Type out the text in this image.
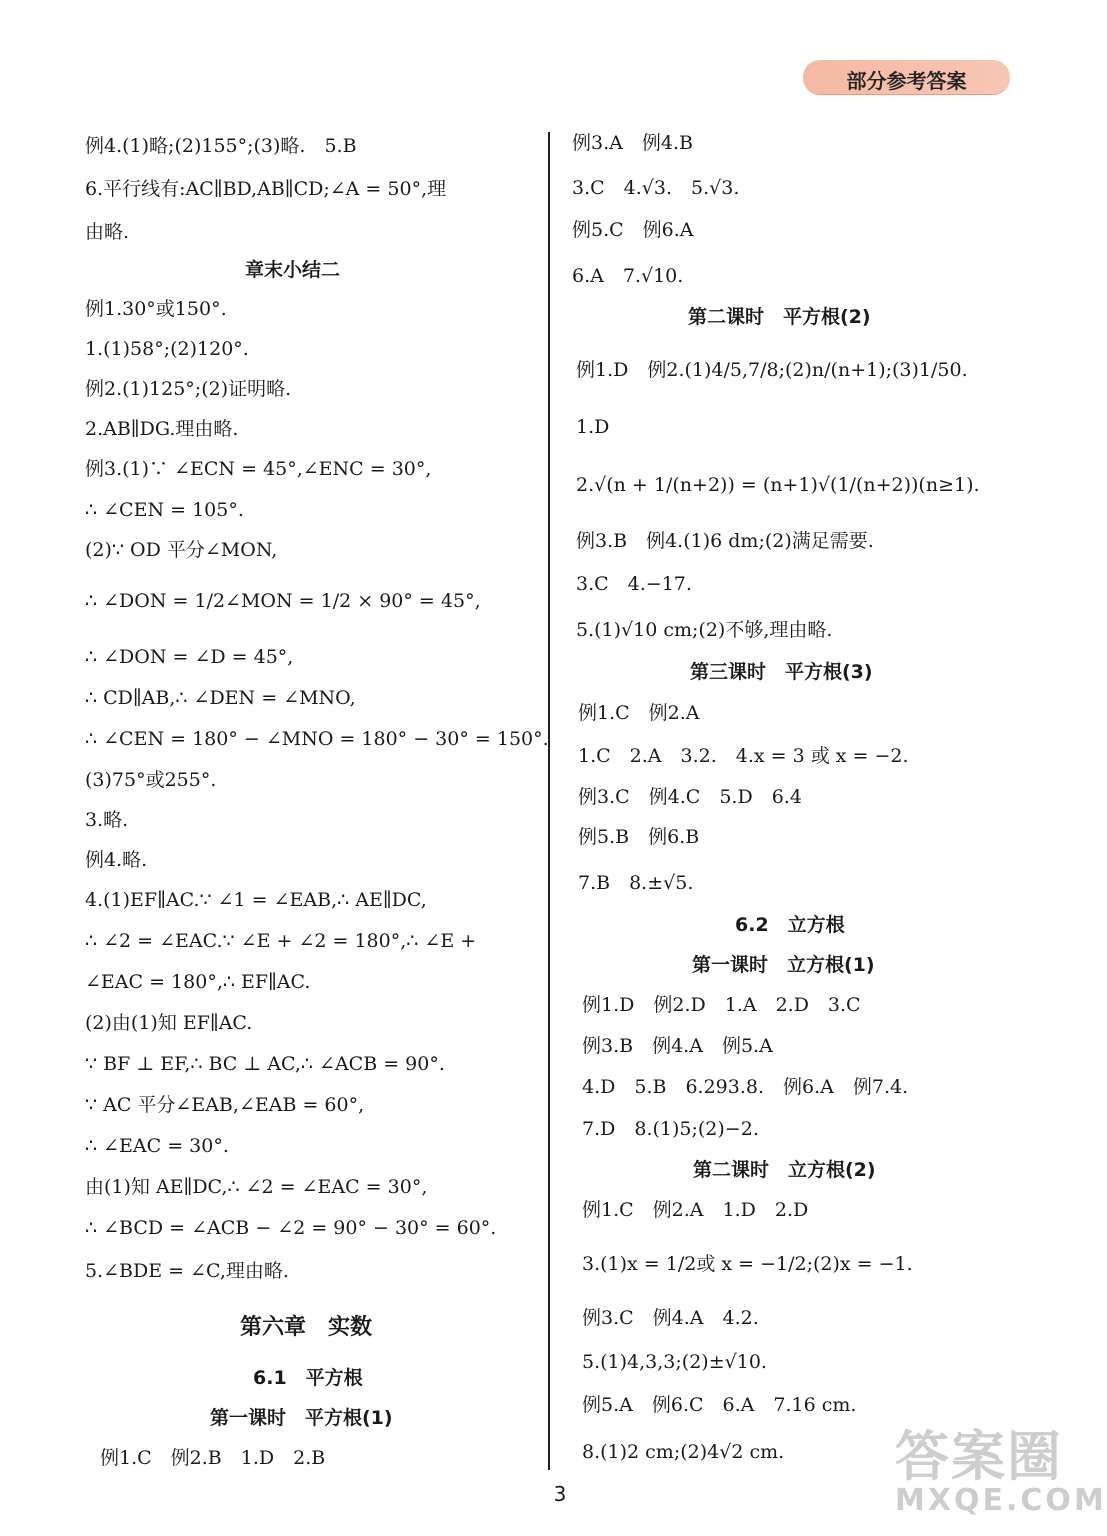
部分参考答案
例4.(1)略;(2)155°;(3)略.　5.B
6.平行线有:AC∥BD,AB∥CD;∠A = 50°,理
由略.
章末小结二
例1.30°或150°.
1.(1)58°;(2)120°.
例2.(1)125°;(2)证明略.
2.AB∥DG.理由略.
例3.(1)∵ ∠ECN = 45°,∠ENC = 30°,
∴ ∠CEN = 105°.
(2)∵ OD 平分∠MON,
∴ ∠DON = 1/2∠MON = 1/2 × 90° = 45°,
∴ ∠DON = ∠D = 45°,
∴ CD∥AB,∴ ∠DEN = ∠MNO,
∴ ∠CEN = 180° − ∠MNO = 180° − 30° = 150°.
(3)75°或255°.
3.略.
例4.略.
4.(1)EF∥AC.∵ ∠1 = ∠EAB,∴ AE∥DC,
∴ ∠2 = ∠EAC.∵ ∠E + ∠2 = 180°,∴ ∠E +
∠EAC = 180°,∴ EF∥AC.
(2)由(1)知 EF∥AC.
∵ BF ⊥ EF,∴ BC ⊥ AC,∴ ∠ACB = 90°.
∵ AC 平分∠EAB,∠EAB = 60°,
∴ ∠EAC = 30°.
由(1)知 AE∥DC,∴ ∠2 = ∠EAC = 30°,
∴ ∠BCD = ∠ACB − ∠2 = 90° − 30° = 60°.
5.∠BDE = ∠C,理由略.
第六章　实数
6.1　平方根
第一课时　平方根(1)
例1.C　例2.B　1.D　2.B
例3.A　例4.B
3.C　4.√3.　5.√3.
例5.C　例6.A
6.A　7.√10.
第二课时　平方根(2)
例1.D　例2.(1)4/5,7/8;(2)n/(n+1);(3)1/50.
1.D
2.√(n + 1/(n+2)) = (n+1)√(1/(n+2))(n≥1).
例3.B　例4.(1)6 dm;(2)满足需要.
3.C　4.−17.
5.(1)√10 cm;(2)不够,理由略.
第三课时　平方根(3)
例1.C　例2.A
1.C　2.A　3.2.　4.x = 3 或 x = −2.
例3.C　例4.C　5.D　6.4
例5.B　例6.B
7.B　8.±√5.
6.2　立方根
第一课时　立方根(1)
例1.D　例2.D　1.A　2.D　3.C
例3.B　例4.A　例5.A
4.D　5.B　6.293.8.　例6.A　例7.4.
7.D　8.(1)5;(2)−2.
第二课时　立方根(2)
例1.C　例2.A　1.D　2.D
3.(1)x = 1/2或 x = −1/2;(2)x = −1.
例3.C　例4.A　4.2.
5.(1)4,3,3;(2)±√10.
例5.A　例6.C　6.A　7.16 cm.
8.(1)2 cm;(2)4√2 cm.
3
答案圈
MXQE.COM
